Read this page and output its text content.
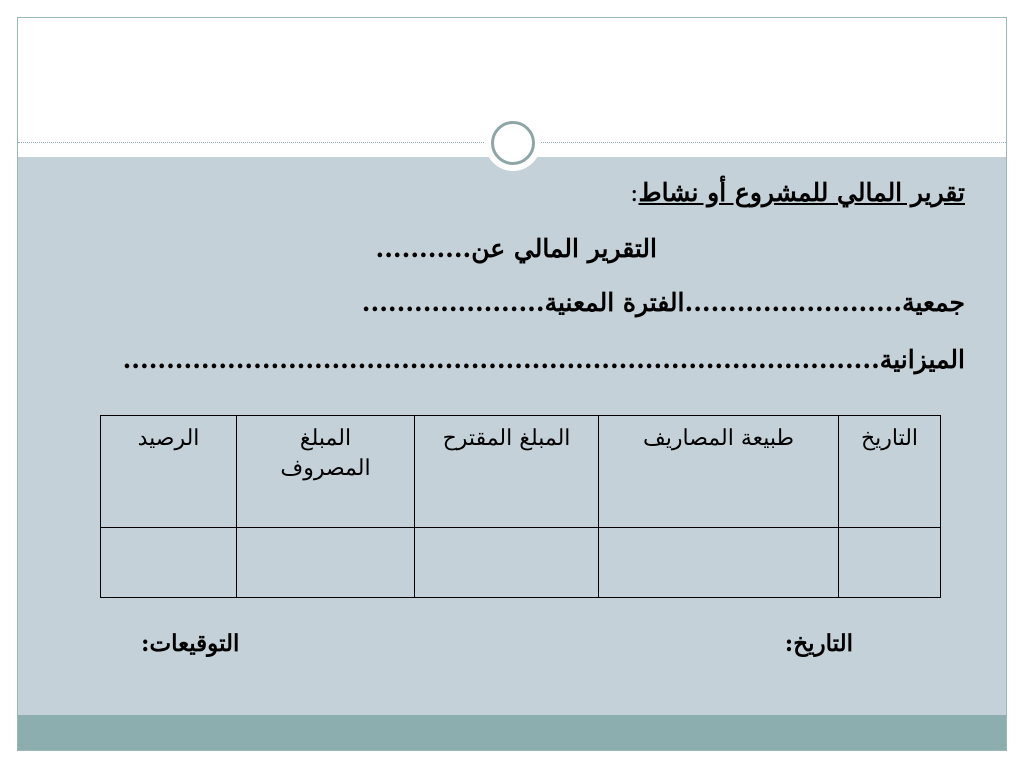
تقرير المالي للمشروع أو نشاط:
التقرير المالي عن...........
جمعية.........................الفترة المعنية.....................
الميزانية.......................................................................................
التاريخ	طبيعة المصاريف	المبلغ المقترح	المبلغ المصروف	الرصيد

التاريخ:
التوقيعات:
